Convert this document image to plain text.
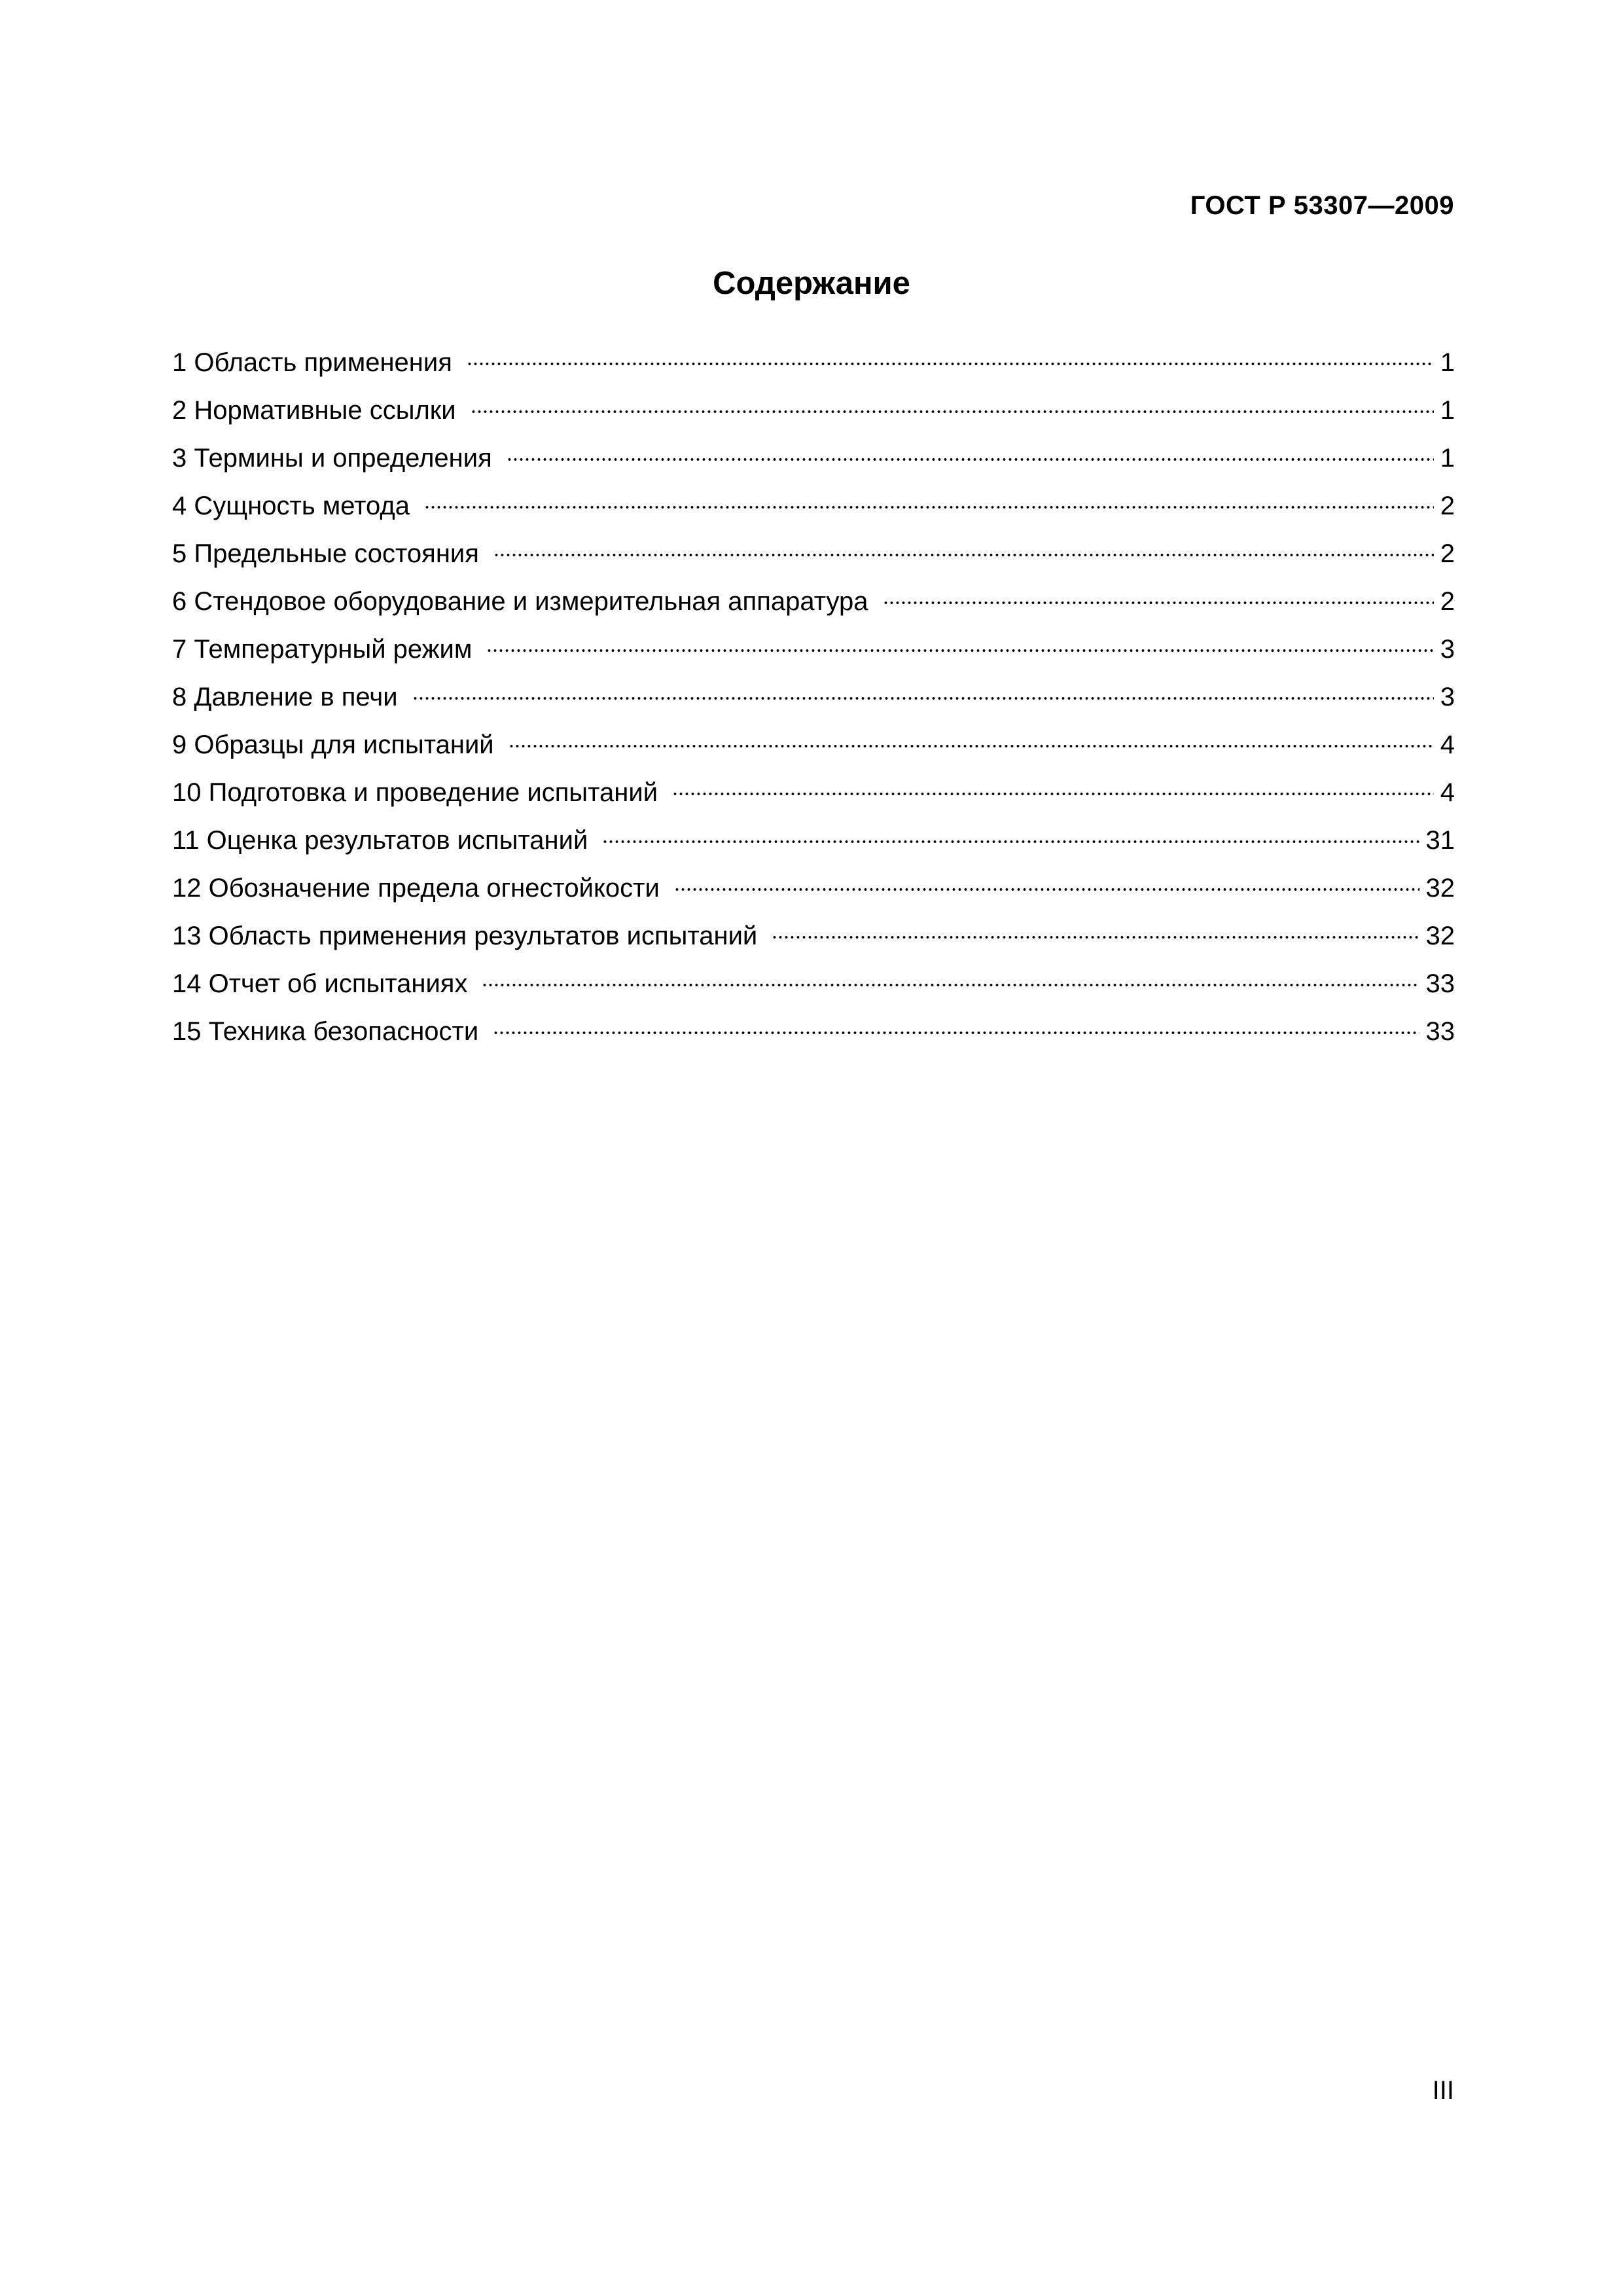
ГОСТ Р 53307—2009
Содержание
1 Область применения	1
2 Нормативные ссылки	1
3 Термины и определения	1
4 Сущность метода	2
5 Предельные состояния	2
6 Стендовое оборудование и измерительная аппаратура	2
7 Температурный режим	3
8 Давление в печи	3
9 Образцы для испытаний	4
10 Подготовка и проведение испытаний	4
11 Оценка результатов испытаний	31
12 Обозначение предела огнестойкости	32
13 Область применения результатов испытаний	32
14 Отчет об испытаниях	33
15 Техника безопасности	33
III
